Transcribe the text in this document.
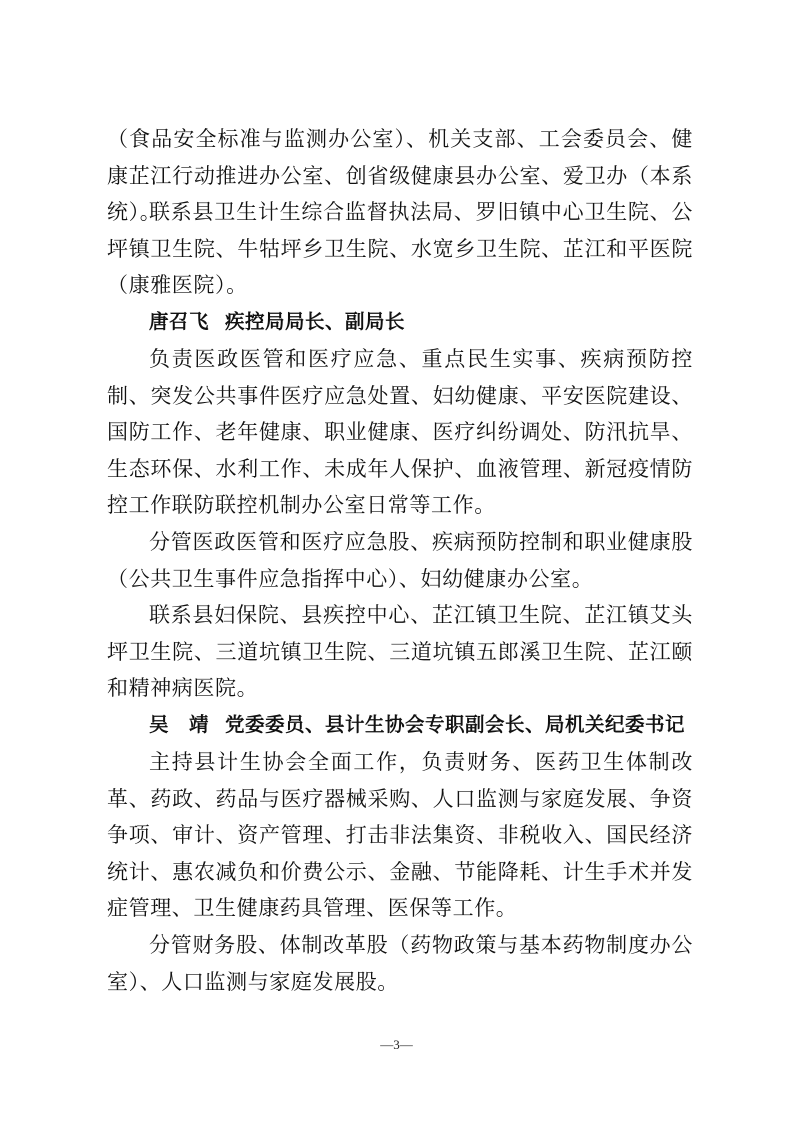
（食品安全标准与监测办公室）、机关支部、工会委员会、健康芷江行动推进办公室、创省级健康县办公室、爱卫办（本系统）。

联系县卫生计生综合监督执法局、罗旧镇中心卫生院、公坪镇卫生院、牛牯坪乡卫生院、水宽乡卫生院、芷江和平医院（康雅医院）。

唐召飞 疾控局局长、副局长

负责医政医管和医疗应急、重点民生实事、疾病预防控制、突发公共事件医疗应急处置、妇幼健康、平安医院建设、国防工作、老年健康、职业健康、医疗纠纷调处、防汛抗旱、生态环保、水利工作、未成年人保护、血液管理、新冠疫情防控工作联防联控机制办公室日常等工作。

分管医政医管和医疗应急股、疾病预防控制和职业健康股（公共卫生事件应急指挥中心）、妇幼健康办公室。

联系县妇保院、县疾控中心、芷江镇卫生院、芷江镇艾头坪卫生院、三道坑镇卫生院、三道坑镇五郎溪卫生院、芷江颐和精神病医院。

吴　靖 党委委员、县计生协会专职副会长、局机关纪委书记

主持县计生协会全面工作，负责财务、医药卫生体制改革、药政、药品与医疗器械采购、人口监测与家庭发展、争资争项、审计、资产管理、打击非法集资、非税收入、国民经济统计、惠农减负和价费公示、金融、节能降耗、计生手术并发症管理、卫生健康药具管理、医保等工作。

分管财务股、体制改革股（药物政策与基本药物制度办公室）、人口监测与家庭发展股。

—3—
